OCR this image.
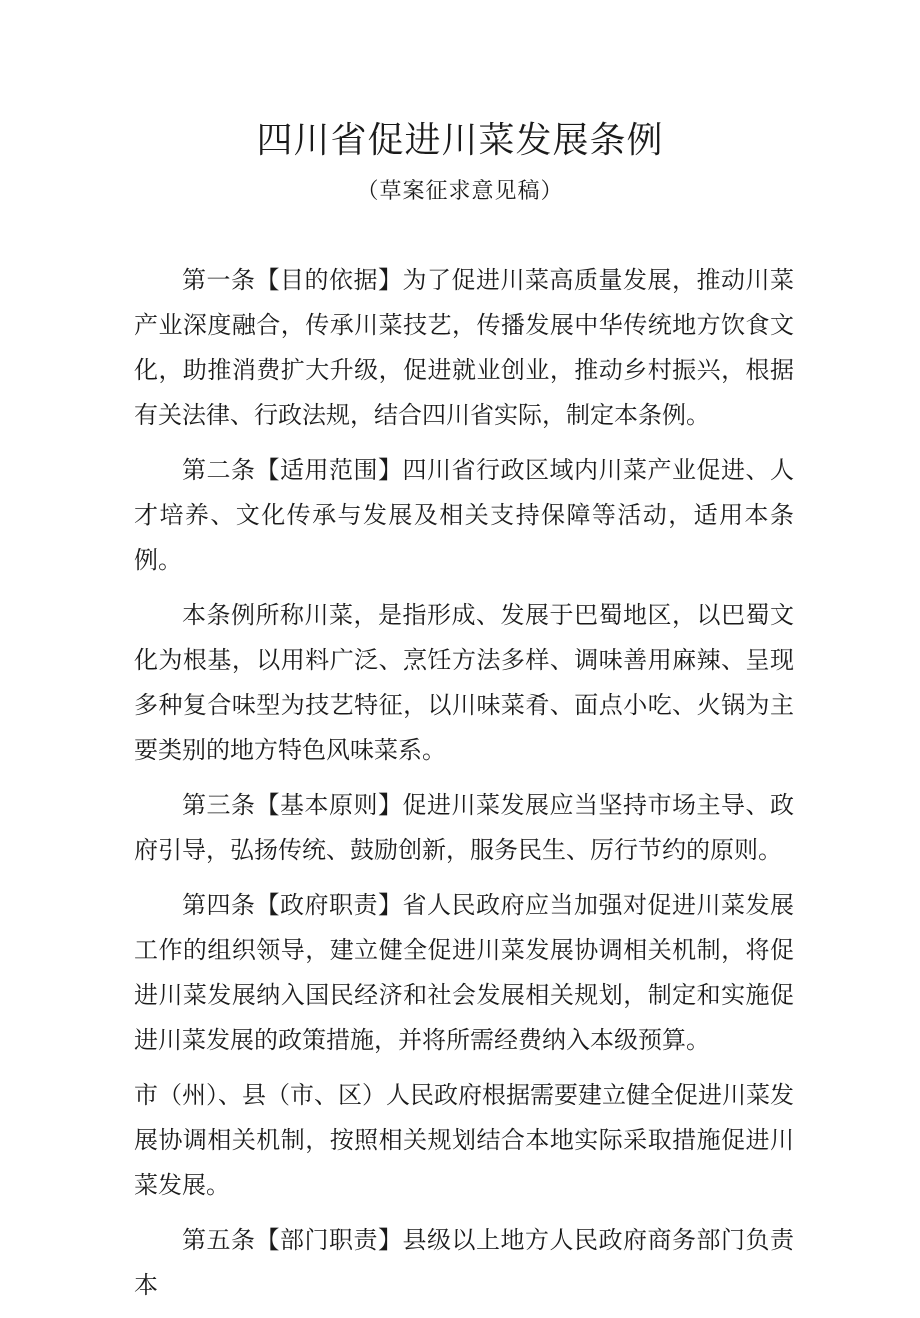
四川省促进川菜发展条例

（草案征求意见稿）

第一条【目的依据】为了促进川菜高质量发展，推动川菜产业深度融合，传承川菜技艺，传播发展中华传统地方饮食文化，助推消费扩大升级，促进就业创业，推动乡村振兴，根据有关法律、行政法规，结合四川省实际，制定本条例。

第二条【适用范围】四川省行政区域内川菜产业促进、人才培养、文化传承与发展及相关支持保障等活动，适用本条例。

本条例所称川菜，是指形成、发展于巴蜀地区，以巴蜀文化为根基，以用料广泛、烹饪方法多样、调味善用麻辣、呈现多种复合味型为技艺特征，以川味菜肴、面点小吃、火锅为主要类别的地方特色风味菜系。

第三条【基本原则】促进川菜发展应当坚持市场主导、政府引导，弘扬传统、鼓励创新，服务民生、厉行节约的原则。

第四条【政府职责】省人民政府应当加强对促进川菜发展工作的组织领导，建立健全促进川菜发展协调相关机制，将促进川菜发展纳入国民经济和社会发展相关规划，制定和实施促进川菜发展的政策措施，并将所需经费纳入本级预算。

市（州）、县（市、区）人民政府根据需要建立健全促进川菜发展协调相关机制，按照相关规划结合本地实际采取措施促进川菜发展。

第五条【部门职责】县级以上地方人民政府商务部门负责本
